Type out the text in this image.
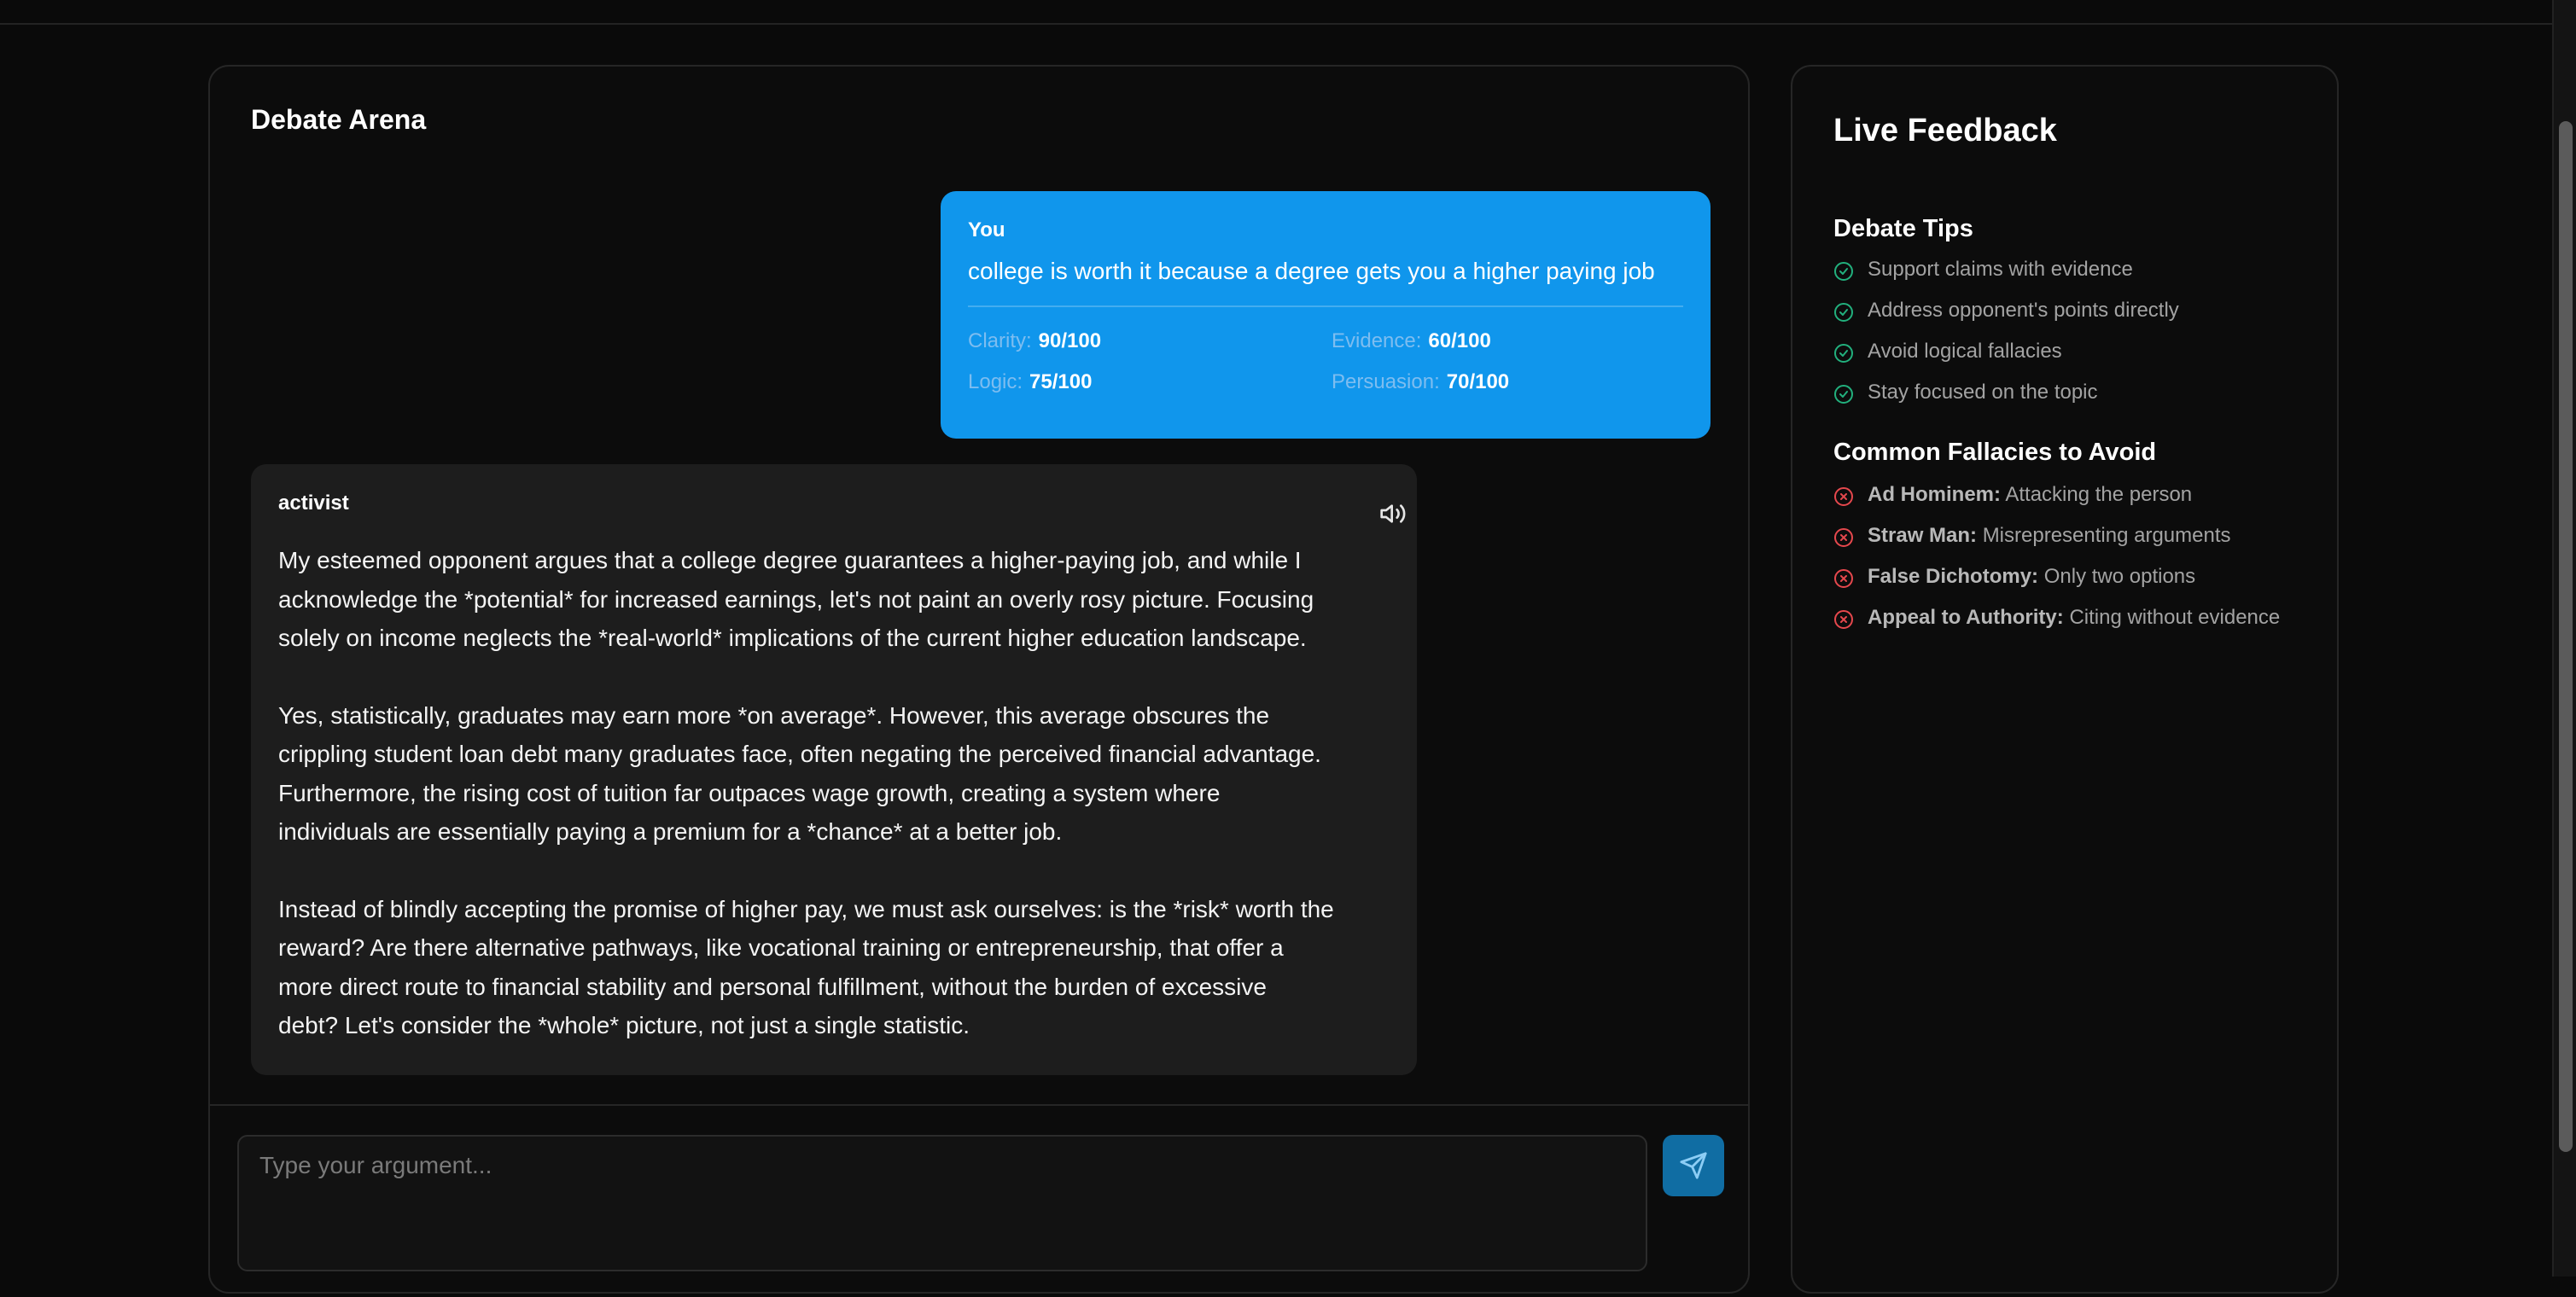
Debate Arena
You
college is worth it because a degree gets you a higher paying job
Clarity: 90/100	Evidence: 60/100
Logic: 75/100	Persuasion: 70/100
activist

My esteemed opponent argues that a college degree guarantees a higher-paying job, and while I
acknowledge the *potential* for increased earnings, let's not paint an overly rosy picture. Focusing
solely on income neglects the *real-world* implications of the current higher education landscape.

Yes, statistically, graduates may earn more *on average*. However, this average obscures the
crippling student loan debt many graduates face, often negating the perceived financial advantage.
Furthermore, the rising cost of tuition far outpaces wage growth, creating a system where
individuals are essentially paying a premium for a *chance* at a better job.

Instead of blindly accepting the promise of higher pay, we must ask ourselves: is the *risk* worth the
reward? Are there alternative pathways, like vocational training or entrepreneurship, that offer a
more direct route to financial stability and personal fulfillment, without the burden of excessive
debt? Let's consider the *whole* picture, not just a single statistic.

Type your argument...
Live Feedback
Debate Tips
Support claims with evidence
Address opponent's points directly
Avoid logical fallacies
Stay focused on the topic
Common Fallacies to Avoid
Ad Hominem: Attacking the person
Straw Man: Misrepresenting arguments
False Dichotomy: Only two options
Appeal to Authority: Citing without evidence
